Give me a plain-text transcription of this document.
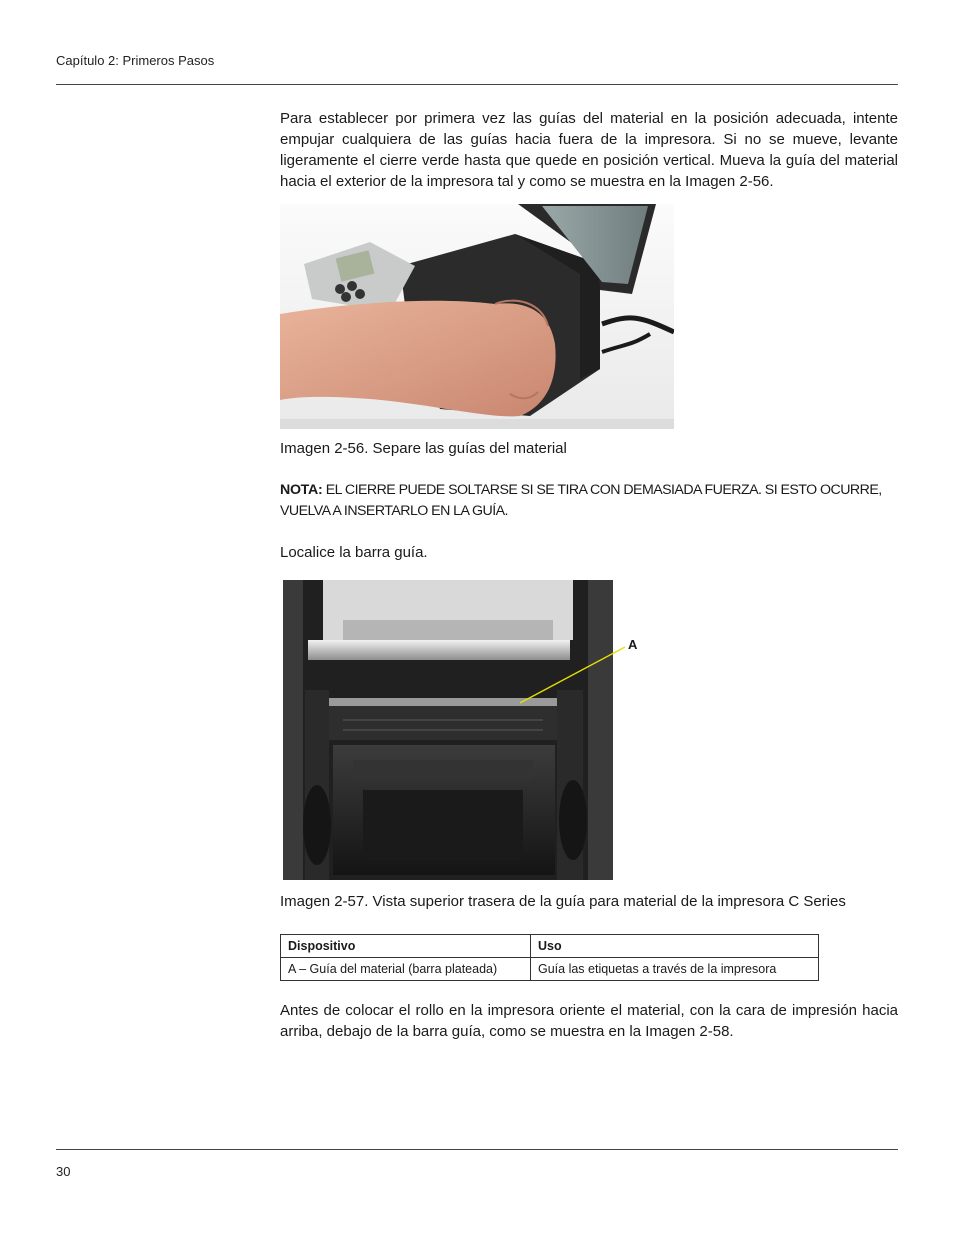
Capítulo 2: Primeros Pasos

Para establecer por primera vez las guías del material en la posición adecuada, intente empujar cualquiera de las guías hacia fuera de la impresora. Si no se mueve, levante ligeramente el cierre verde hasta que quede en posición vertical. Mueva la guía del material hacia el exterior de la impresora tal y como se muestra en la Imagen 2-56.

Imagen 2-56. Separe las guías del material

NOTA: EL CIERRE PUEDE SOLTARSE SI SE TIRA CON DEMASIADA FUERZA. SI ESTO OCURRE, VUELVA A INSERTARLO EN LA GUÍA.

Localice la barra guía.

A

Imagen 2-57. Vista superior trasera de la guía para material de la impresora C Series

Dispositivo	Uso
A – Guía del material (barra plateada)	Guía las etiquetas a través de la impresora

Antes de colocar el rollo en la impresora oriente el material, con la cara de impresión hacia arriba, debajo de la barra guía, como se muestra en la Imagen 2-58.

30
